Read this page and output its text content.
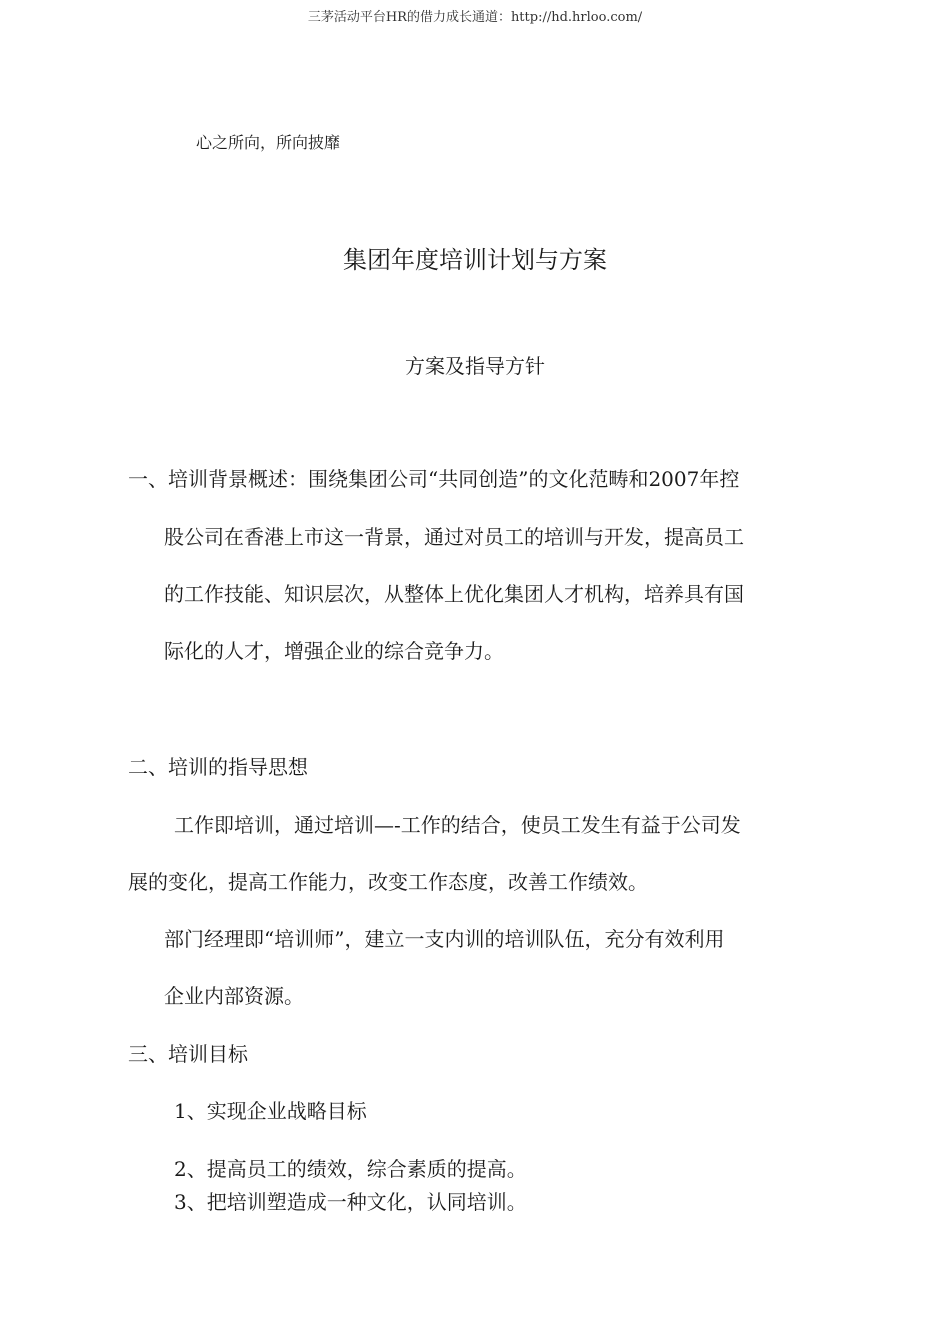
三茅活动平台HR的借力成长通道：http://hd.hrloo.com/
心之所向，所向披靡
集团年度培训计划与方案
方案及指导方针
一、培训背景概述：围绕集团公司“共同创造”的文化范畴和2007年控
股公司在香港上市这一背景，通过对员工的培训与开发，提高员工
的工作技能、知识层次，从整体上优化集团人才机构，培养具有国
际化的人才，增强企业的综合竞争力。
二、培训的指导思想
工作即培训，通过培训—-工作的结合，使员工发生有益于公司发
展的变化，提高工作能力，改变工作态度，改善工作绩效。
部门经理即“培训师”，建立一支内训的培训队伍，充分有效利用
企业内部资源。
三、培训目标
1、实现企业战略目标
2、提高员工的绩效，综合素质的提高。
3、把培训塑造成一种文化，认同培训。
